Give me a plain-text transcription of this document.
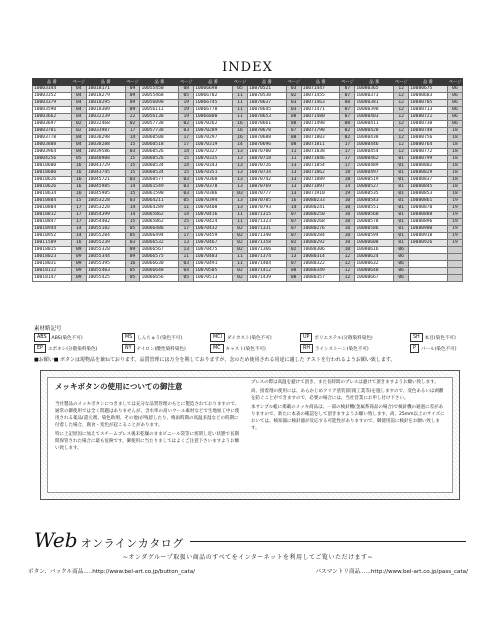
INDEX
品 番	ページ	品 番	ページ	品 番	ページ	品 番	ページ	品 番	ページ	品 番	ページ	品 番	ページ	品 番	ページ
10003344	04	10018171	09	10055450	08	10066698	05	10070521	03	10071447	07	10080365	12	10080675	06
10003352	04	10018279	09	10055468	05	10066702	11	10070530	02	10071455	07	10080373	12	10080683	06
10003379	04	10018295	09	10056090	19	10066745	11	10070637	03	10071463	08	10080381	12	10080705	06
10003590	04	10018309	09	10056111	19	10066770	11	10070645	03	10071471	07	10080390	12	10080713	06
10003662	04	10032239	22	10056138	19	10066800	11	10070653	08	10071480	07	10080403	12	10080721	06
10003697	02	10032468	02	10057738	02	10070262	16	10070661	08	10071498	08	10080411	12	10080730	06
10003701	02	10033987	17	10057738	03	10070289	16	10070670	07	10071790	02	10080420	12	10080748	18
10003778	04	10038298	14	10060500	17	10070297	16	10070688	08	10071803	02	10080438	12	10080756	18
10003808	04	10038288	15	10060518	17	10070319	14	10070696	08	10071811	17	10080446	12	10080764	18
10003964	04	10039586	03	10060526	14	10070327	13	10070700	11	10071838	17	10080454	12	10080772	18
10004256	05	10040908	15	10060526	15	10070335	13	10070718	11	10071846	17	10080462	01	10080799	18
10010600	16	10043729	15	10060534	14	10070343	13	10070726	13	10071854	17	10080489	01	10080802	18
10010600	16	10043745	15	10060534	15	10070351	13	10070734	13	10071862	18	10080497	01	10080829	18
10010626	16	10045721	03	10060577	03	10070360	13	10070742	13	10071889	18	10080519	01	10080837	18
10010626	16	10045985	14	10061549	03	10070378	13	10070769	13	10071897	14	10080527	01	10080845	18
10010634	16	10045985	15	10061590	03	10070386	03	10070777	13	10071910	19	10080535	01	10080853	18
10010804	15	10053228	03	10064211	05	10070394	13	10070785	16	10080233	10	10080543	01	10080861	19
10010804	17	10053228	14	10064289	11	10070408	13	10070793	14	10080241	10	10080551	01	10080870	19
10010812	17	10054399	14	10065862	14	10070416	11	10071315	07	10080250	10	10080560	01	10080888	19
10010847	17	10054402	15	10065862	15	10070424	11	10071323	07	10080268	10	10080578	01	10080896	19
10010944	14	10055182	05	10066486	17	10070432	02	10071331	07	10080276	10	10080586	01	10080900	19
10010952	14	10055204	05	10066494	17	10070459	02	10071340	07	10080284	10	10080594	01	10080918	19
10011509	16	10055239	03	10066532	13	10070467	02	10071358	02	10080292	10	10080608	01	10080926	19
10018015	09	10055328	09	10066567	13	10070475	02	10071366	02	10080306	10	10080616	06		
10018023	09	10055344	09	10066575	11	10070483	11	10071374	13	10080314	12	10080624	06		
10018031	09	10055395	16	10066630	03	10070491	11	10071404	07	10080322	12	10080632	06		
10018112	09	10055403	05	10066648	04	10070505	02	10071412	08	10080349	12	10080640	06		
10018147	09	10055425	05	10066656	05	10070513	02	10071439	08	10080357	12	10080667	06		
素材略記号
ABS	ABS(染色不可)	MS	しんちゅう(染色不可)	MCI	ダイカスト(染色不可)	UP	ポリエステル(分散染料染色)	SH	本目(染色不可)
EP	エポキシ(分散染料染色)	NY	ナイロン(酸性染料染色)	MC	キャスト(染色不可)	RH	ラインストーン(染色不可)	P	パール(染色不可)
■お願い■ ボタンは現物品を兼ねております。品質管理には万全を期しておりますが、念のため使用される用途に適した テストを行われるようお願い致します。
メッキボタンの使用についての御注意

当社製品のメッキボタンにつきましては充分な品質管理のもとに製造されておりますので、通常の御使用では全く問題はありませんが、含水率の高いウール素材などで生地加工中に使用される薬品(還元剤、染色助剤、その他)が残留したり、梅雨時期の高温多湿などの時期に付着した場合、腐食・変色が起こることがあります。

特に上記原因に加えてスチームプレス後未乾燥のままビニール袋等に密閉し近い状態で長期間保管された場合に最も危険です。御使用に当たりましてはよくご注意下さいますようお願い致します。

プレスの際は高温を避けて頂き、また長時間のプレスは避けて頂きますようお願い致します。

尚、接着剤の使用には、あらかじめクリア塗装(防錆工業等)を施しますので、変色あるいは剥離を防ぐことができますので、必要の場合には、当社営業にお申し付け下さい。

本サンプル帳に掲載のメッキ商品は、一部の検針機(金属系商品の場合)で検針機の通過に差がありますので、新たに本表の確認をして頂きますようお願い致します。尚、25mm以上のサイズにおいては、検知器に検針器が反応する可能性がありますので、御使用前に検針をお願い致します。

Web オンラインカタログ
~オンダグループ取扱い商品のすべてをインターネットを利用してご覧いただけます~
ボタン、バックル商品.....http://www.bel-art.co.jp/button_cata/	パスマントリ商品......http://www.bel-art.co.jp/pass_cata/
